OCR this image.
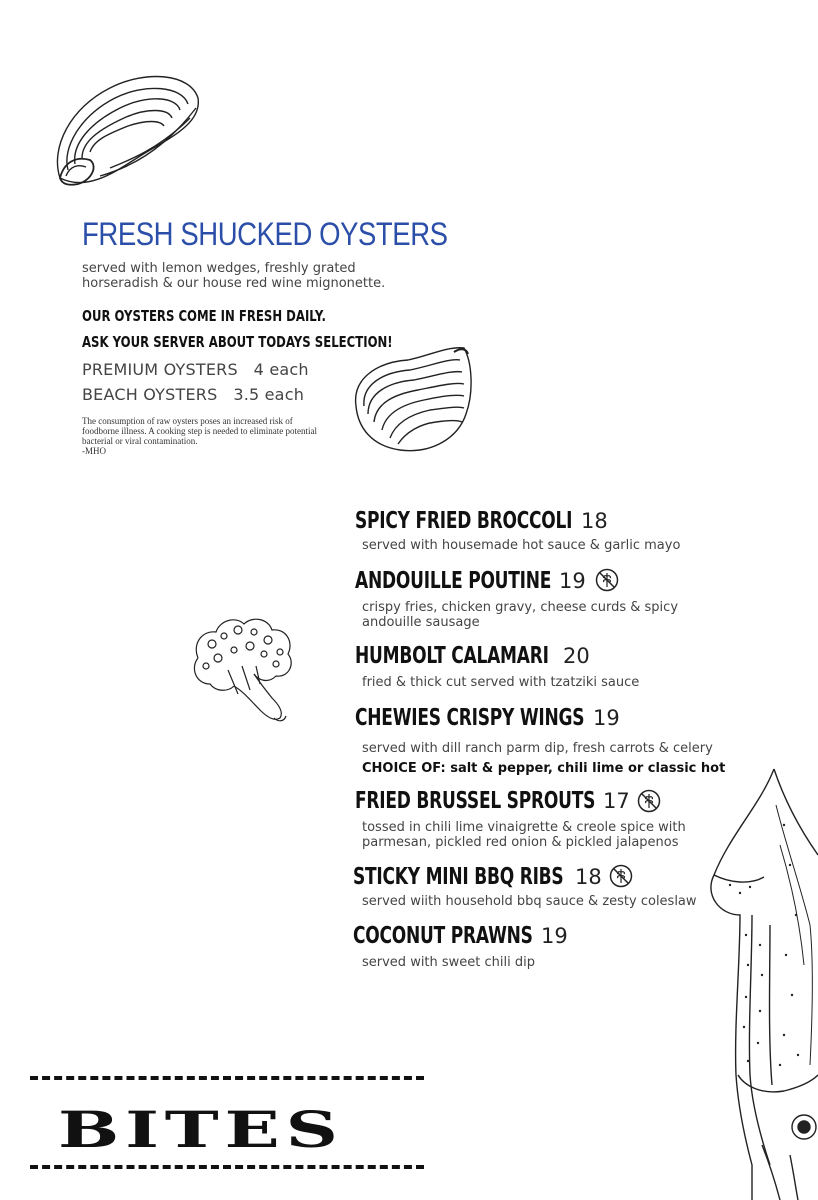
FRESH SHUCKED OYSTERS
served with lemon wedges, freshly grated horseradish & our house red wine mignonette.
OUR OYSTERS COME IN FRESH DAILY.
ASK YOUR SERVER ABOUT TODAYS SELECTION!
PREMIUM OYSTERS 4 each
BEACH OYSTERS 3.5 each
The consumption of raw oysters poses an increased risk of foodborne illness. A cooking step is needed to eliminate potential bacterial or viral contamination.
-MHO
SPICY FRIED BROCCOLI 18
served with housemade hot sauce & garlic mayo
ANDOUILLE POUTINE 19
crispy fries, chicken gravy, cheese curds & spicy andouille sausage
HUMBOLT CALAMARI 20
fried & thick cut served with tzatziki sauce
CHEWIES CRISPY WINGS 19
served with dill ranch parm dip, fresh carrots & celery
CHOICE OF: salt & pepper, chili lime or classic hot
FRIED BRUSSEL SPROUTS 17
tossed in chili lime vinaigrette & creole spice with parmesan, pickled red onion & pickled jalapenos
STICKY MINI BBQ RIBS 18
served wiith household bbq sauce & zesty coleslaw
COCONUT PRAWNS 19
served with sweet chili dip
BITES
